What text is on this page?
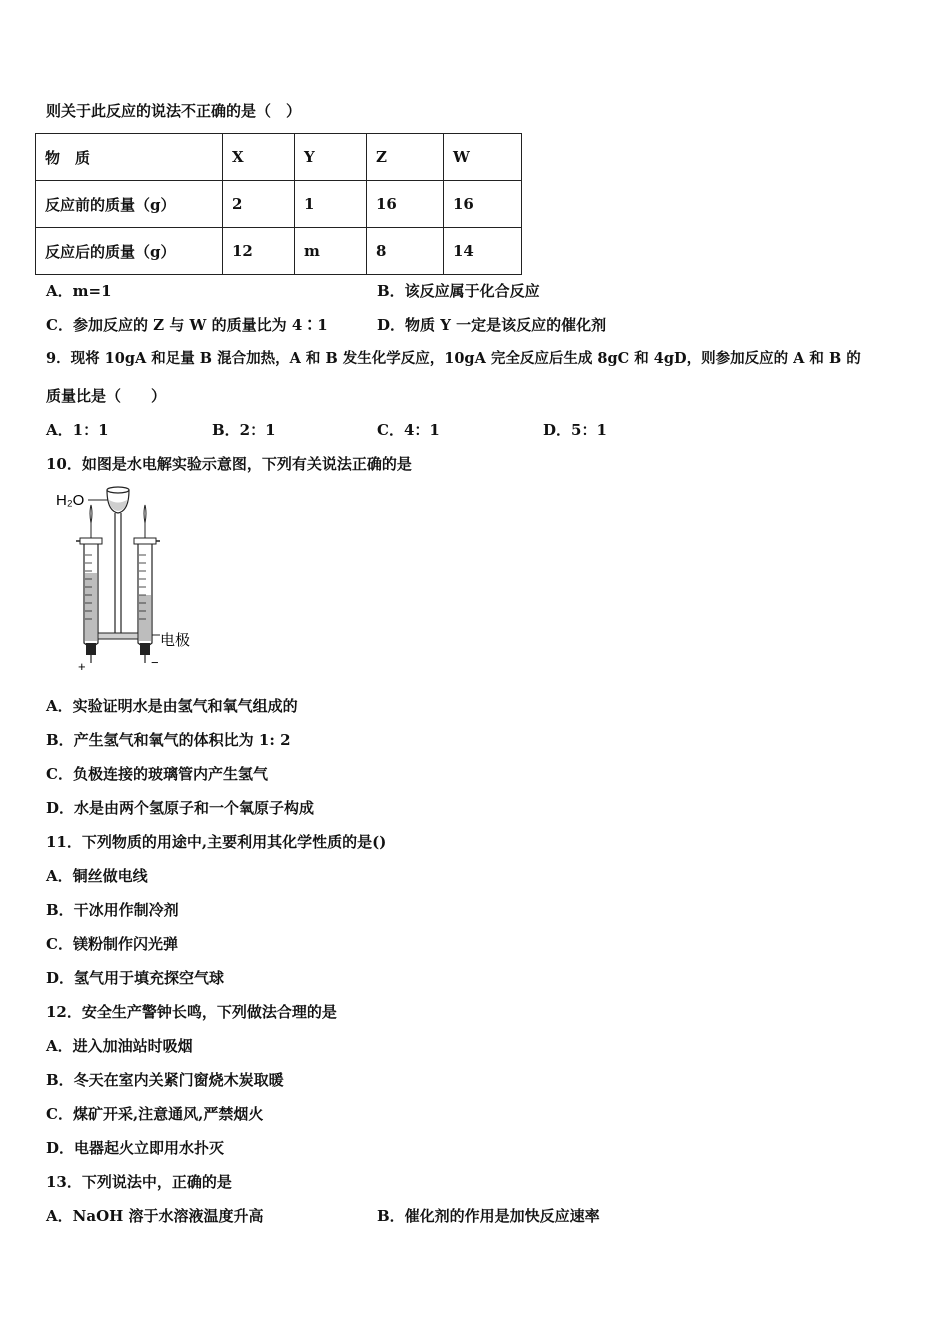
则关于此反应的说法不正确的是（　）
物　质	X	Y	Z	W
反应前的质量（g）	2	1	16	16
反应后的质量（g）	12	m	8	14
A．m=1	B．该反应属于化合反应
C．参加反应的 Z 与 W 的质量比为 4∶1	D．物质 Y 一定是该反应的催化剂
9．现将 10gA 和足量 B 混合加热，A 和 B 发生化学反应，10gA 完全反应后生成 8gC 和 4gD，则参加反应的 A 和 B 的
质量比是（　　）
A．1：1	B．2：1	C．4：1	D．5：1
10．如图是水电解实验示意图，下列有关说法正确的是
H₂O
电极
+	−
A．实验证明水是由氢气和氧气组成的
B．产生氢气和氧气的体积比为 1: 2
C．负极连接的玻璃管内产生氢气
D．水是由两个氢原子和一个氧原子构成
11．下列物质的用途中,主要利用其化学性质的是()
A．铜丝做电线
B．干冰用作制冷剂
C．镁粉制作闪光弹
D．氢气用于填充探空气球
12．安全生产警钟长鸣，下列做法合理的是
A．进入加油站时吸烟
B．冬天在室内关紧门窗烧木炭取暖
C．煤矿开采,注意通风,严禁烟火
D．电器起火立即用水扑灭
13．下列说法中，正确的是
A．NaOH 溶于水溶液温度升高	B．催化剂的作用是加快反应速率
